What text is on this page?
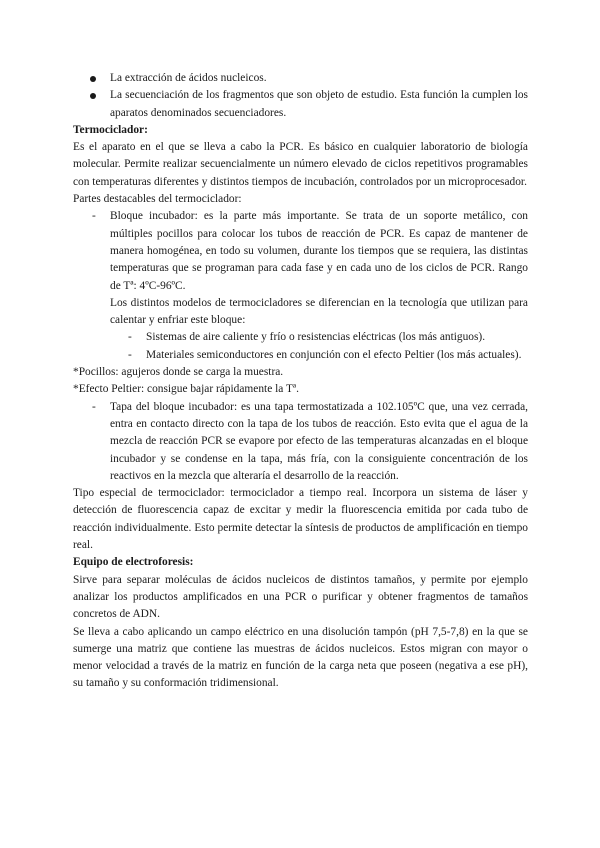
La extracción de ácidos nucleicos.
La secuenciación de los fragmentos que son objeto de estudio. Esta función la cumplen los aparatos denominados secuenciadores.

Termociclador:

Es el aparato en el que se lleva a cabo la PCR. Es básico en cualquier laboratorio de biología molecular. Permite realizar secuencialmente un número elevado de ciclos repetitivos programables con temperaturas diferentes y distintos tiempos de incubación, controlados por un microprocesador.

Partes destacables del termociclador:

- Bloque incubador: es la parte más importante. Se trata de un soporte metálico, con múltiples pocillos para colocar los tubos de reacción de PCR. Es capaz de mantener de manera homogénea, en todo su volumen, durante los tiempos que se requiera, las distintas temperaturas que se programan para cada fase y en cada uno de los ciclos de PCR. Rango de Tª: 4ºC-96ºC.

Los distintos modelos de termocicladores se diferencian en la tecnología que utilizan para calentar y enfriar este bloque:

- Sistemas de aire caliente y frío o resistencias eléctricas (los más antiguos).
- Materiales semiconductores en conjunción con el efecto Peltier (los más actuales).

*Pocillos: agujeros donde se carga la muestra.

*Efecto Peltier: consigue bajar rápidamente la Tª.

- Tapa del bloque incubador: es una tapa termostatizada a 102.105ºC que, una vez cerrada, entra en contacto directo con la tapa de los tubos de reacción. Esto evita que el agua de la mezcla de reacción PCR se evapore por efecto de las temperaturas alcanzadas en el bloque incubador y se condense en la tapa, más fría, con la consiguiente concentración de los reactivos en la mezcla que alteraría el desarrollo de la reacción.

Tipo especial de termociclador: termociclador a tiempo real. Incorpora un sistema de láser y detección de fluorescencia capaz de excitar y medir la fluorescencia emitida por cada tubo de reacción individualmente. Esto permite detectar la síntesis de productos de amplificación en tiempo real.

Equipo de electroforesis:

Sirve para separar moléculas de ácidos nucleicos de distintos tamaños, y permite por ejemplo analizar los productos amplificados en una PCR o purificar y obtener fragmentos de tamaños concretos de ADN.

Se lleva a cabo aplicando un campo eléctrico en una disolución tampón (pH 7,5-7,8) en la que se sumerge una matriz que contiene las muestras de ácidos nucleicos. Estos migran con mayor o menor velocidad a través de la matriz en función de la carga neta que poseen (negativa a ese pH), su tamaño y su conformación tridimensional.
